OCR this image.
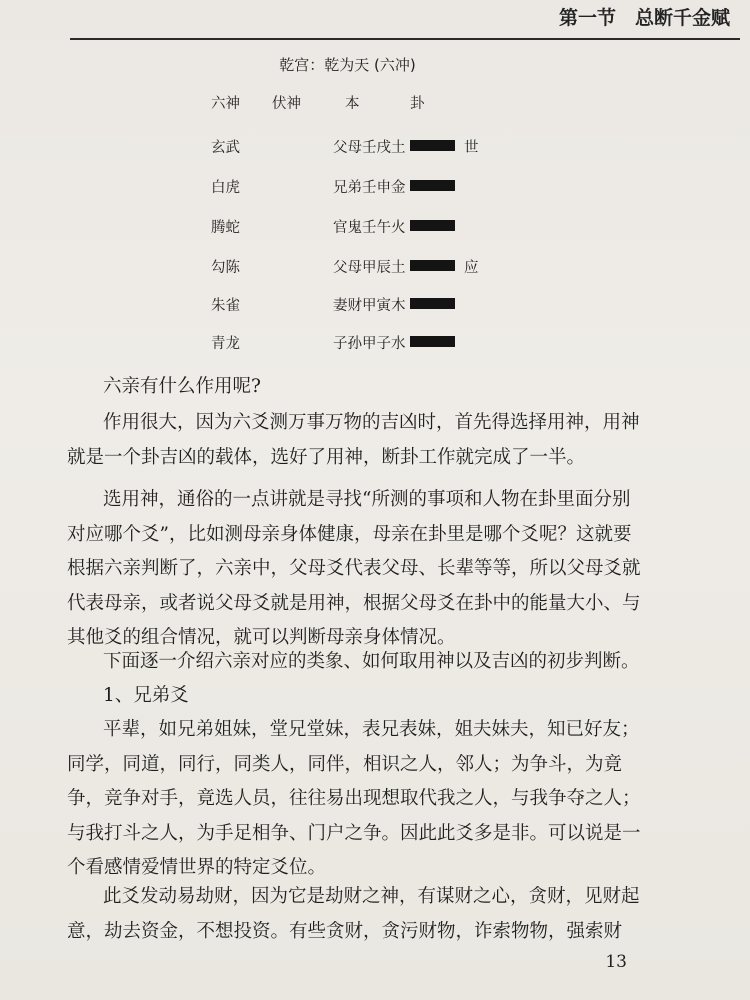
第一节　总断千金赋
乾宫：乾为天 (六冲)
六神 伏神	本	卦
玄武	父母壬戌土	世
白虎	兄弟壬申金
腾蛇	官鬼壬午火
勾陈	父母甲辰土	应
朱雀	妻财甲寅木
青龙	子孙甲子水
六亲有什么作用呢?
作用很大，因为六爻测万事万物的吉凶时，首先得选择用神，用神
就是一个卦吉凶的载体，选好了用神，断卦工作就完成了一半。
选用神，通俗的一点讲就是寻找“所测的事项和人物在卦里面分别
对应哪个爻”，比如测母亲身体健康，母亲在卦里是哪个爻呢？这就要
根据六亲判断了，六亲中，父母爻代表父母、长辈等等，所以父母爻就
代表母亲，或者说父母爻就是用神，根据父母爻在卦中的能量大小、与
其他爻的组合情况，就可以判断母亲身体情况。
下面逐一介绍六亲对应的类象、如何取用神以及吉凶的初步判断。
1、兄弟爻
平辈，如兄弟姐妹，堂兄堂妹，表兄表妹，姐夫妹夫，知已好友；
同学，同道，同行，同类人，同伴，相识之人，邻人；为争斗，为竟
争，竞争对手，竟选人员，往往易出现想取代我之人，与我争夺之人；
与我打斗之人，为手足相争、门户之争。因此此爻多是非。可以说是一
个看感情爱情世界的特定爻位。
此爻发动易劫财，因为它是劫财之神，有谋财之心，贪财，见财起
意，劫去资金，不想投资。有些贪财，贪污财物，诈索物物，强索财
13
